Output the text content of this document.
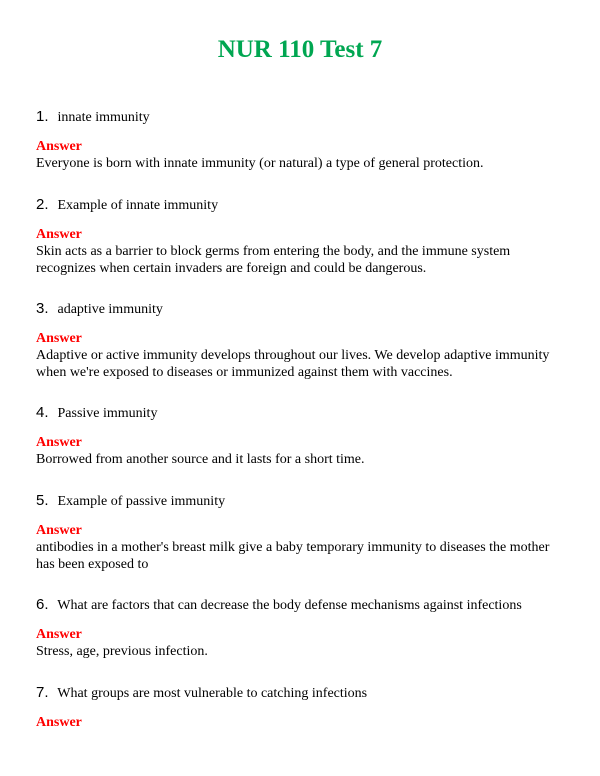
NUR 110 Test 7
1. innate immunity
Answer
Everyone is born with innate immunity (or natural) a type of general protection.
2. Example of innate immunity
Answer
Skin acts as a barrier to block germs from entering the body, and the immune system recognizes when certain invaders are foreign and could be dangerous.
3. adaptive immunity
Answer
Adaptive or active immunity develops throughout our lives. We develop adaptive immunity when we're exposed to diseases or immunized against them with vaccines.
4. Passive immunity
Answer
Borrowed from another source and it lasts for a short time.
5. Example of passive immunity
Answer
antibodies in a mother's breast milk give a baby temporary immunity to diseases the mother has been exposed to
6. What are factors that can decrease the body defense mechanisms against infections
Answer
Stress, age, previous infection.
7. What groups are most vulnerable to catching infections
Answer
